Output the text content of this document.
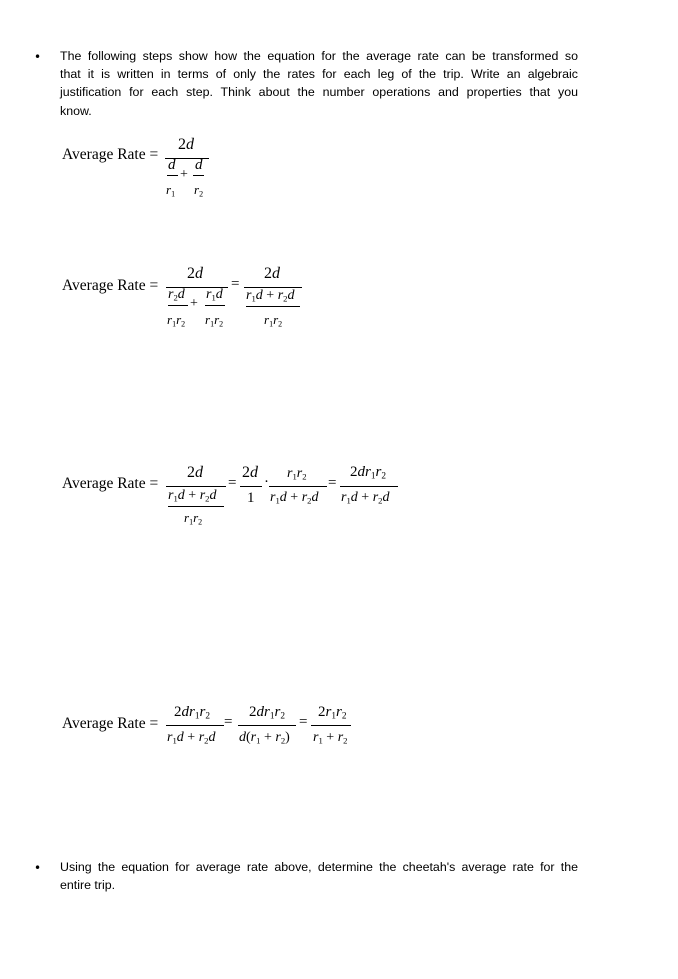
• The following steps show how the equation for the average rate can be transformed so
that it is written in terms of only the rates for each leg of the trip. Write an algebraic
justification for each step. Think about the number operations and properties that you
know.
Average Rate =
2d
d d
+
$r_1$ $r_2$
Average Rate =
2d
$r_2d$ $r_1d$
+
$r_1r_2$ $r_1r_2$
=
2d
$r_1d + r_2d$
$r_1r_2$
Average Rate =
2d
$r_1d + r_2d$
$r_1r_2$
=
2d
1
·
$r_1r_2$
$r_1d + r_2d$
=
$2dr_1r_2$
$r_1d + r_2d$
Average Rate =
$2dr_1r_2$
$r_1d + r_2d$
=
$2dr_1r_2$
$d(r_1 + r_2)$
=
$2r_1r_2$
$r_1 + r_2$
• Using the equation for average rate above, determine the cheetah's average rate for the
entire trip.
